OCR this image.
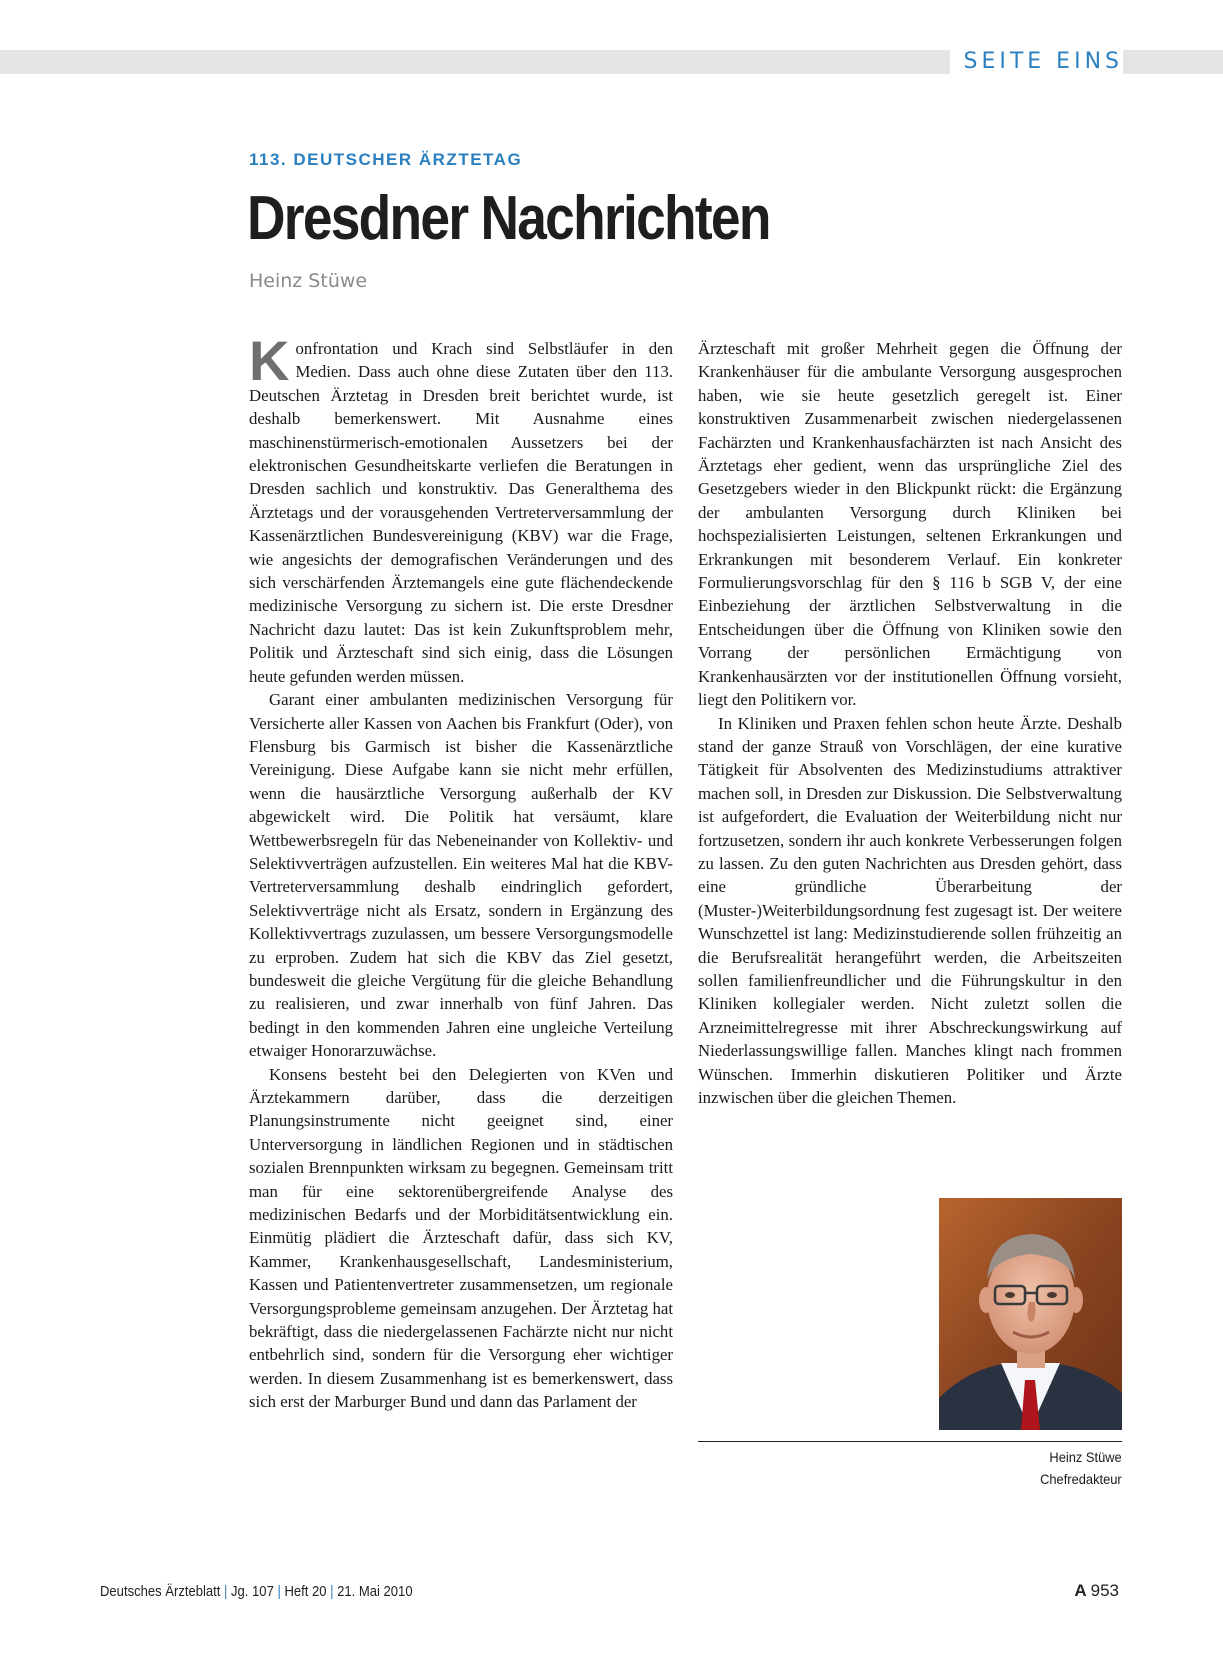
SEITE EINS
113. DEUTSCHER ÄRZTETAG
Dresdner Nachrichten
Heinz Stüwe

Konfrontation und Krach sind Selbstläufer in den Medien. Dass auch ohne diese Zutaten über den 113. Deutschen Ärztetag in Dresden breit berichtet wurde, ist deshalb bemerkenswert. Mit Ausnahme eines maschinenstürmerisch-emotionalen Aussetzers bei der elektronischen Gesundheitskarte verliefen die Beratungen in Dresden sachlich und konstruktiv. Das Generalthema des Ärztetags und der vorausgehenden Vertreterversammlung der Kassenärztlichen Bundesvereinigung (KBV) war die Frage, wie angesichts der demografischen Veränderungen und des sich verschärfenden Ärztemangels eine gute flächendeckende medizinische Versorgung zu sichern ist. Die erste Dresdner Nachricht dazu lautet: Das ist kein Zukunftsproblem mehr, Politik und Ärzteschaft sind sich einig, dass die Lösungen heute gefunden werden müssen.

Garant einer ambulanten medizinischen Versorgung für Versicherte aller Kassen von Aachen bis Frankfurt (Oder), von Flensburg bis Garmisch ist bisher die Kassenärztliche Vereinigung. Diese Aufgabe kann sie nicht mehr erfüllen, wenn die hausärztliche Versorgung außerhalb der KV abgewickelt wird. Die Politik hat versäumt, klare Wettbewerbsregeln für das Nebeneinander von Kollektiv- und Selektivverträgen aufzustellen. Ein weiteres Mal hat die KBV-Vertreterversammlung deshalb eindringlich gefordert, Selektivverträge nicht als Ersatz, sondern in Ergänzung des Kollektivvertrags zuzulassen, um bessere Versorgungsmodelle zu erproben. Zudem hat sich die KBV das Ziel gesetzt, bundesweit die gleiche Vergütung für die gleiche Behandlung zu realisieren, und zwar innerhalb von fünf Jahren. Das bedingt in den kommenden Jahren eine ungleiche Verteilung etwaiger Honorarzuwächse.

Konsens besteht bei den Delegierten von KVen und Ärztekammern darüber, dass die derzeitigen Planungsinstrumente nicht geeignet sind, einer Unterversorgung in ländlichen Regionen und in städtischen sozialen Brennpunkten wirksam zu begegnen. Gemeinsam tritt man für eine sektorenübergreifende Analyse des medizinischen Bedarfs und der Morbiditätsentwicklung ein. Einmütig plädiert die Ärzteschaft dafür, dass sich KV, Kammer, Krankenhausgesellschaft, Landesministerium, Kassen und Patientenvertreter zusammensetzen, um regionale Versorgungsprobleme gemeinsam anzugehen. Der Ärztetag hat bekräftigt, dass die niedergelassenen Fachärzte nicht nur nicht entbehrlich sind, sondern für die Versorgung eher wichtiger werden. In diesem Zusammenhang ist es bemerkenswert, dass sich erst der Marburger Bund und dann das Parlament der

Ärzteschaft mit großer Mehrheit gegen die Öffnung der Krankenhäuser für die ambulante Versorgung ausgesprochen haben, wie sie heute gesetzlich geregelt ist. Einer konstruktiven Zusammenarbeit zwischen niedergelassenen Fachärzten und Krankenhausfachärzten ist nach Ansicht des Ärztetags eher gedient, wenn das ursprüngliche Ziel des Gesetzgebers wieder in den Blickpunkt rückt: die Ergänzung der ambulanten Versorgung durch Kliniken bei hochspezialisierten Leistungen, seltenen Erkrankungen und Erkrankungen mit besonderem Verlauf. Ein konkreter Formulierungsvorschlag für den § 116 b SGB V, der eine Einbeziehung der ärztlichen Selbstverwaltung in die Entscheidungen über die Öffnung von Kliniken sowie den Vorrang der persönlichen Ermächtigung von Krankenhausärzten vor der institutionellen Öffnung vorsieht, liegt den Politikern vor.

In Kliniken und Praxen fehlen schon heute Ärzte. Deshalb stand der ganze Strauß von Vorschlägen, der eine kurative Tätigkeit für Absolventen des Medizinstudiums attraktiver machen soll, in Dresden zur Diskussion. Die Selbstverwaltung ist aufgefordert, die Evaluation der Weiterbildung nicht nur fortzusetzen, sondern ihr auch konkrete Verbesserungen folgen zu lassen. Zu den guten Nachrichten aus Dresden gehört, dass eine gründliche Überarbeitung der (Muster-)Weiterbildungsordnung fest zugesagt ist. Der weitere Wunschzettel ist lang: Medizinstudierende sollen frühzeitig an die Berufsrealität herangeführt werden, die Arbeitszeiten sollen familienfreundlicher und die Führungskultur in den Kliniken kollegialer werden. Nicht zuletzt sollen die Arzneimittelregresse mit ihrer Abschreckungswirkung auf Niederlassungswillige fallen. Manches klingt nach frommen Wünschen. Immerhin diskutieren Politiker und Ärzte inzwischen über die gleichen Themen.

Heinz Stüwe
Chefredakteur
Deutsches Ärzteblatt | Jg. 107 | Heft 20 | 21. Mai 2010	A 953
